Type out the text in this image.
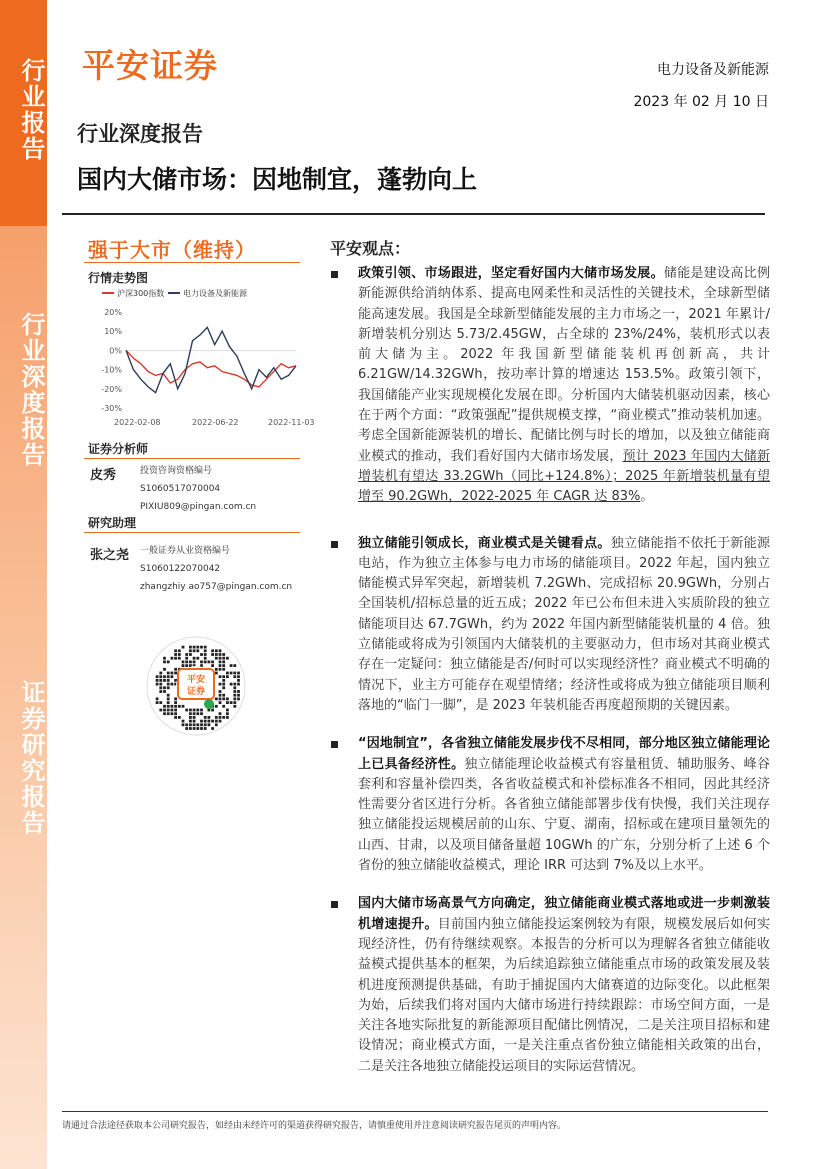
行业报告
行业深度报告
证券研究报告
平安证券	电力设备及新能源
2023 年 02 月 10 日
行业深度报告
国内大储市场：因地制宜，蓬勃向上
强于大市（维持）
行情走势图
沪深300指数 电力设备及新能源
20%
10%
0%
-10%
-20%
-30%
2022-02-08	2022-06-22	2022-11-03
证券分析师
皮秀	投资咨询资格编号
S1060517070004
PIXIU809@pingan.com.cn
研究助理
张之尧 一般证券从业资格编号
S1060122070042
zhangzhiy ao757@pingan.com.cn
平安
证券
平安观点：
政策引领、市场跟进，坚定看好国内大储市场发展。储能是建设高比例新能源供给消纳体系、提高电网柔性和灵活性的关键技术，全球新型储能高速发展。我国是全球新型储能发展的主力市场之一，2021 年累计/新增装机分别达 5.73/2.45GW，占全球的 23%/24%，装机形式以表前大储为主。2022 年我国新型储能装机再创新高，共计 6.21GW/14.32GWh，按功率计算的增速达 153.5%。政策引领下，我国储能产业实现规模化发展在即。分析国内大储装机驱动因素，核心在于两个方面：“政策强配”提供规模支撑，“商业模式”推动装机加速。考虑全国新能源装机的增长、配储比例与时长的增加，以及独立储能商业模式的推动，我们看好国内大储市场发展，预计 2023 年国内大储新增装机有望达 33.2GWh（同比+124.8%）；2025 年新增装机量有望增至 90.2GWh，2022-2025 年 CAGR 达 83%。
独立储能引领成长，商业模式是关键看点。独立储能指不依托于新能源电站，作为独立主体参与电力市场的储能项目。2022 年起，国内独立储能模式异军突起，新增装机 7.2GWh、完成招标 20.9GWh，分别占全国装机/招标总量的近五成；2022 年已公布但未进入实质阶段的独立储能项目达 67.7GWh，约为 2022 年国内新型储能装机量的 4 倍。独立储能或将成为引领国内大储装机的主要驱动力，但市场对其商业模式存在一定疑问：独立储能是否/何时可以实现经济性？商业模式不明确的情况下，业主方可能存在观望情绪；经济性或将成为独立储能项目顺利落地的“临门一脚”，是 2023 年装机能否再度超预期的关键因素。
“因地制宜”，各省独立储能发展步伐不尽相同，部分地区独立储能理论上已具备经济性。独立储能理论收益模式有容量租赁、辅助服务、峰谷套利和容量补偿四类，各省收益模式和补偿标准各不相同，因此其经济性需要分省区进行分析。各省独立储能部署步伐有快慢，我们关注现存独立储能投运规模居前的山东、宁夏、湖南，招标或在建项目量领先的山西、甘肃，以及项目储备量超 10GWh 的广东，分别分析了上述 6 个省份的独立储能收益模式，理论 IRR 可达到 7%及以上水平。
国内大储市场高景气方向确定，独立储能商业模式落地或进一步刺激装机增速提升。目前国内独立储能投运案例较为有限，规模发展后如何实现经济性，仍有待继续观察。本报告的分析可以为理解各省独立储能收益模式提供基本的框架，为后续追踪独立储能重点市场的政策发展及装机进度预测提供基础，有助于捕捉国内大储赛道的边际变化。以此框架为始，后续我们将对国内大储市场进行持续跟踪：市场空间方面，一是关注各地实际批复的新能源项目配储比例情况，二是关注项目招标和建设情况；商业模式方面，一是关注重点省份独立储能相关政策的出台，二是关注各地独立储能投运项目的实际运营情况。
请通过合法途径获取本公司研究报告，如经由未经许可的渠道获得研究报告，请慎重使用并注意阅读研究报告尾页的声明内容。
